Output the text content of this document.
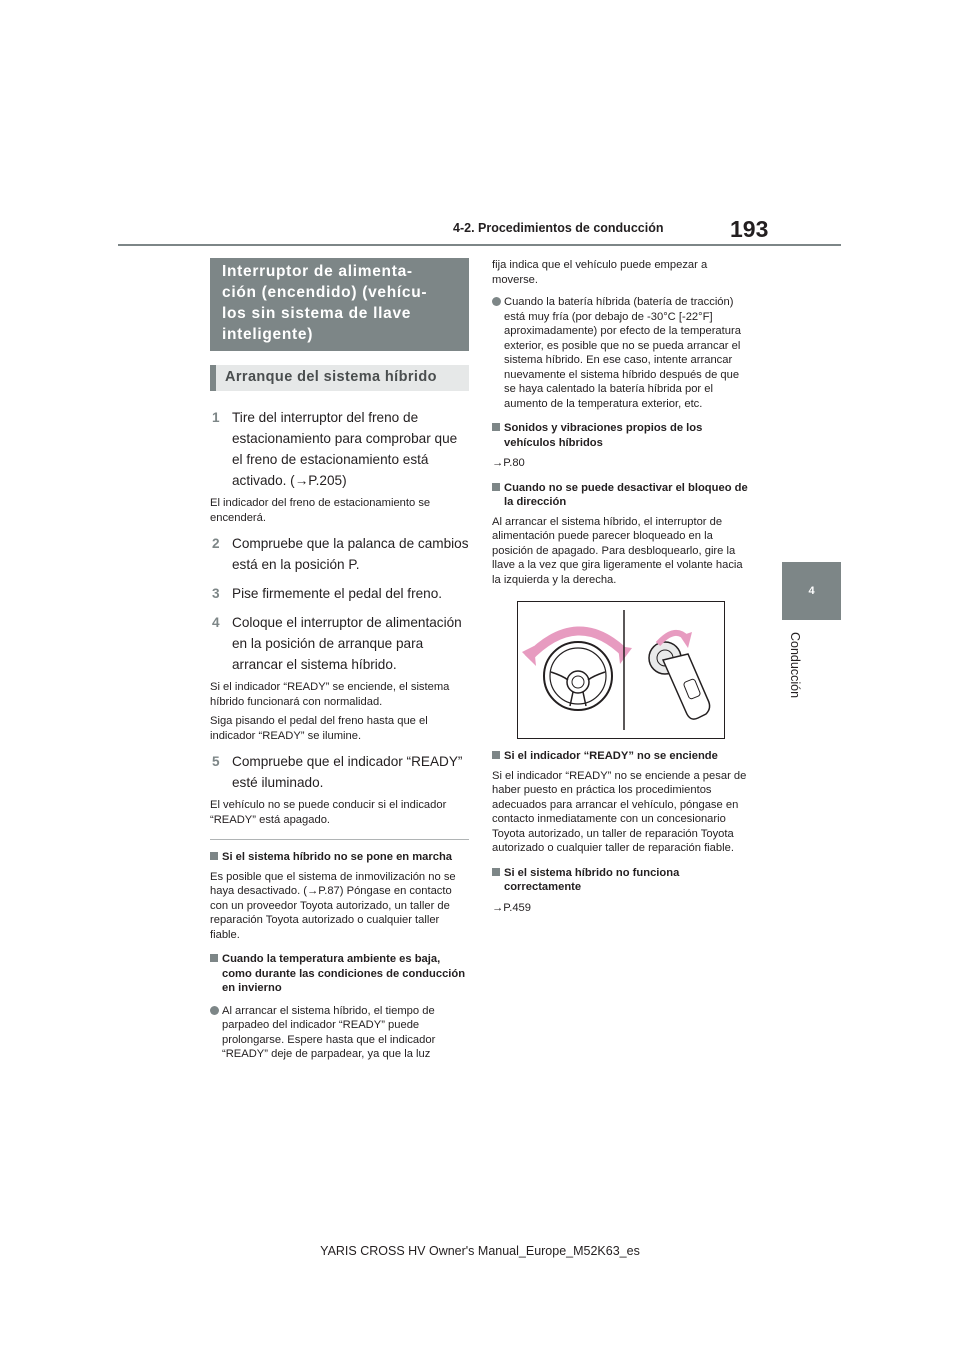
4-2. Procedimientos de conducción	193
4
Conducción
Interruptor de alimenta-
ción (encendido) (vehícu-
los sin sistema de llave
inteligente)
Arranque del sistema híbrido
1 Tire del interruptor del freno de estacionamiento para comprobar que el freno de estacionamiento está activado. (→P.205)
El indicador del freno de estacionamiento se encenderá.
2 Compruebe que la palanca de cambios está en la posición P.
3 Pise firmemente el pedal del freno.
4 Coloque el interruptor de alimentación en la posición de arranque para arrancar el sistema híbrido.
Si el indicador “READY” se enciende, el sistema híbrido funcionará con normalidad.
Siga pisando el pedal del freno hasta que el indicador “READY” se ilumine.
5 Compruebe que el indicador “READY” esté iluminado.
El vehículo no se puede conducir si el indicador “READY” está apagado.
Si el sistema híbrido no se pone en marcha
Es posible que el sistema de inmovilización no se haya desactivado. (→P.87) Póngase en contacto con un proveedor Toyota autorizado, un taller de reparación Toyota autorizado o cualquier taller fiable.
Cuando la temperatura ambiente es baja, como durante las condiciones de conducción en invierno
Al arrancar el sistema híbrido, el tiempo de parpadeo del indicador “READY” puede prolongarse. Espere hasta que el indicador “READY” deje de parpadear, ya que la luz
fija indica que el vehículo puede empezar a moverse.
Cuando la batería híbrida (batería de tracción) está muy fría (por debajo de -30°C [-22°F] aproximadamente) por efecto de la temperatura exterior, es posible que no se pueda arrancar el sistema híbrido. En ese caso, intente arrancar nuevamente el sistema híbrido después de que se haya calentado la batería híbrida por el aumento de la temperatura exterior, etc.
Sonidos y vibraciones propios de los vehículos híbridos
→P.80
Cuando no se puede desactivar el bloqueo de la dirección
Al arrancar el sistema híbrido, el interruptor de alimentación puede parecer bloqueado en la posición de apagado. Para desbloquearlo, gire la llave a la vez que gira ligeramente el volante hacia la izquierda y la derecha.
Si el indicador “READY” no se enciende
Si el indicador “READY” no se enciende a pesar de haber puesto en práctica los procedimientos adecuados para arrancar el vehículo, póngase en contacto inmediatamente con un concesionario Toyota autorizado, un taller de reparación Toyota autorizado o cualquier taller de reparación fiable.
Si el sistema híbrido no funciona correctamente
→P.459
YARIS CROSS HV Owner's Manual_Europe_M52K63_es
